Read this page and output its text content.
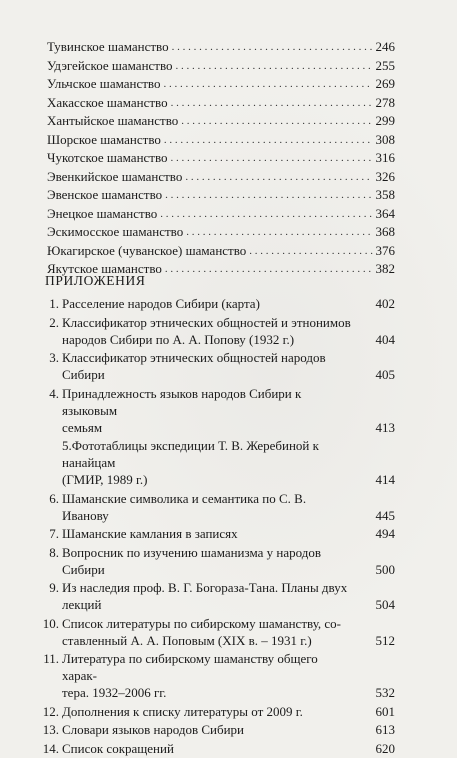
Тувинское шаманство . . .	246
Удэгейское шаманство . . .	255
Ульчское шаманство . . .	269
Хакасское шаманство . . .	278
Хантыйское шаманство . . .	299
Шорское шаманство . . .	308
Чукотское шаманство . . .	316
Эвенкийское шаманство . . .	326
Эвенское шаманство . . .	358
Энецкое шаманство . . .	364
Эскимосское шаманство . . .	368
Юкагирское (чуванское) шаманство . . .	376
Якутское шаманство . . .	382
ПРИЛОЖЕНИЯ
1. Расселение народов Сибири (карта)	402
2. Классификатор этнических общностей и этнонимов
народов Сибири по А. А. Попову (1932 г.)	404
3. Классификатор этнических общностей народов Сибири	405
4. Принадлежность языков народов Сибири к языковым
семьям	413
5.Фототаблицы экспедиции Т. В. Жеребиной к нанайцам
(ГМИР, 1989 г.)	414
6. Шаманские символика и семантика по С. В. Иванову	445
7. Шаманские камлания в записях	494
8. Вопросник по изучению шаманизма у народов
Сибири	500
9. Из наследия проф. В. Г. Богораза-Тана. Планы двух
лекций	504
10. Список литературы по сибирскому шаманству, со-
ставленный А. А. Поповым (XIX в. – 1931 г.)	512
11. Литература по сибирскому шаманству общего харак-
тера. 1932–2006 гг.	532
12. Дополнения к списку литературы от 2009 г.	601
13. Словари языков народов Сибири	613
14. Список сокращений	620
